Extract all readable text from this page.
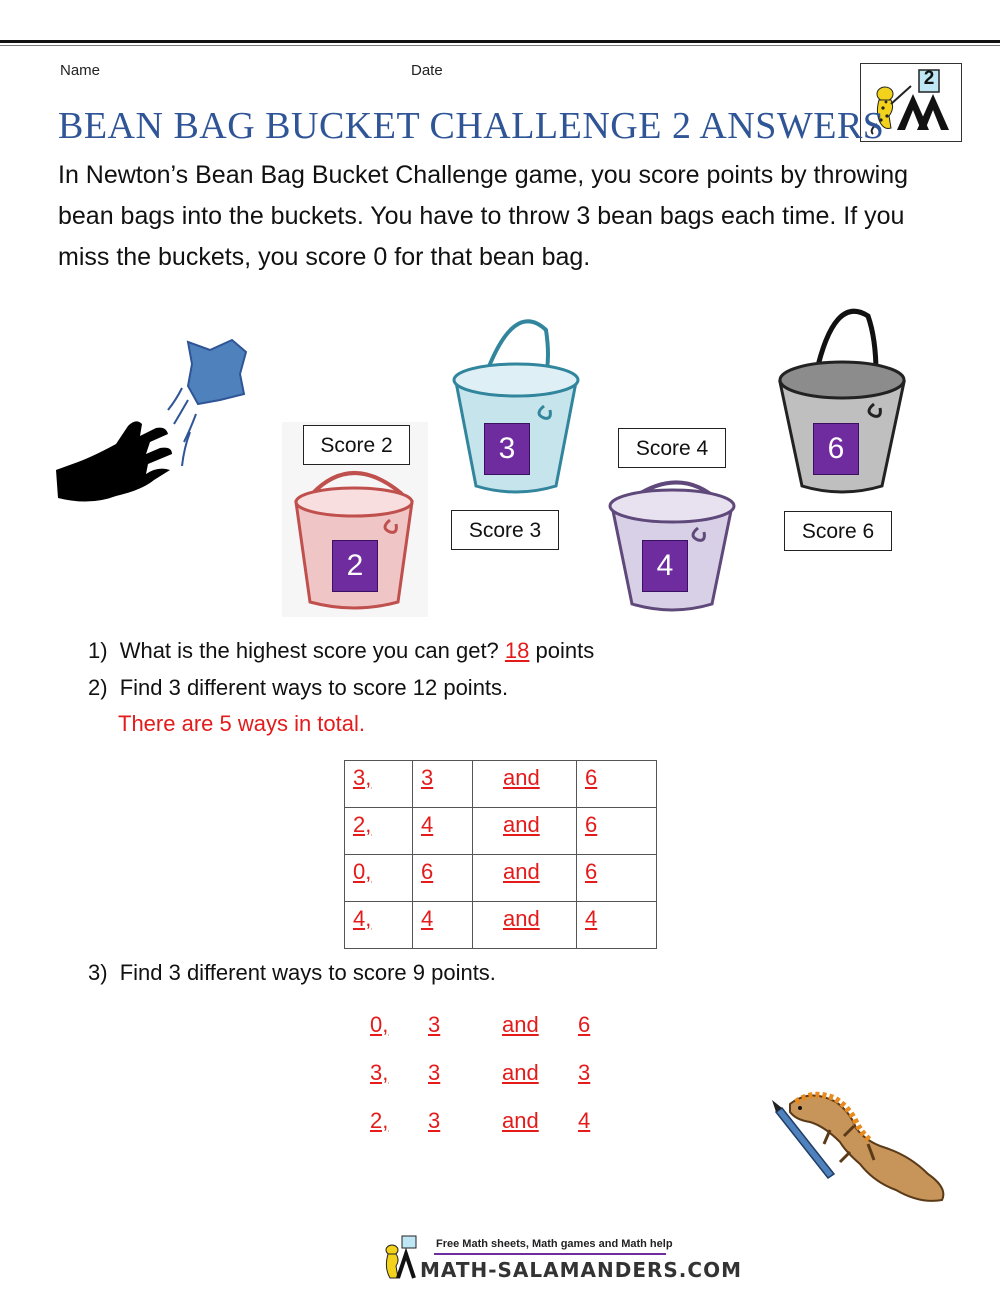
Name	Date	2
BEAN BAG BUCKET CHALLENGE 2 ANSWERS
In Newton’s Bean Bag Bucket Challenge game, you score points by throwing bean bags into the buckets. You have to throw 3 bean bags each time. If you miss the buckets, you score 0 for that bean bag.
2
3
4
6
Score 2
Score 3
Score 4
Score 6
1) What is the highest score you can get? 18 points
2) Find 3 different ways to score 12 points.
There are 5 ways in total.
3,	3	and	6
2,	4	and	6
0,	6	and	6
4,	4	and	4
3) Find 3 different ways to score 9 points.
0, 3	and 6
3, 3	and 3
2, 3	and 4
Free Math sheets, Math games and Math help
MATH-SALAMANDERS.COM
